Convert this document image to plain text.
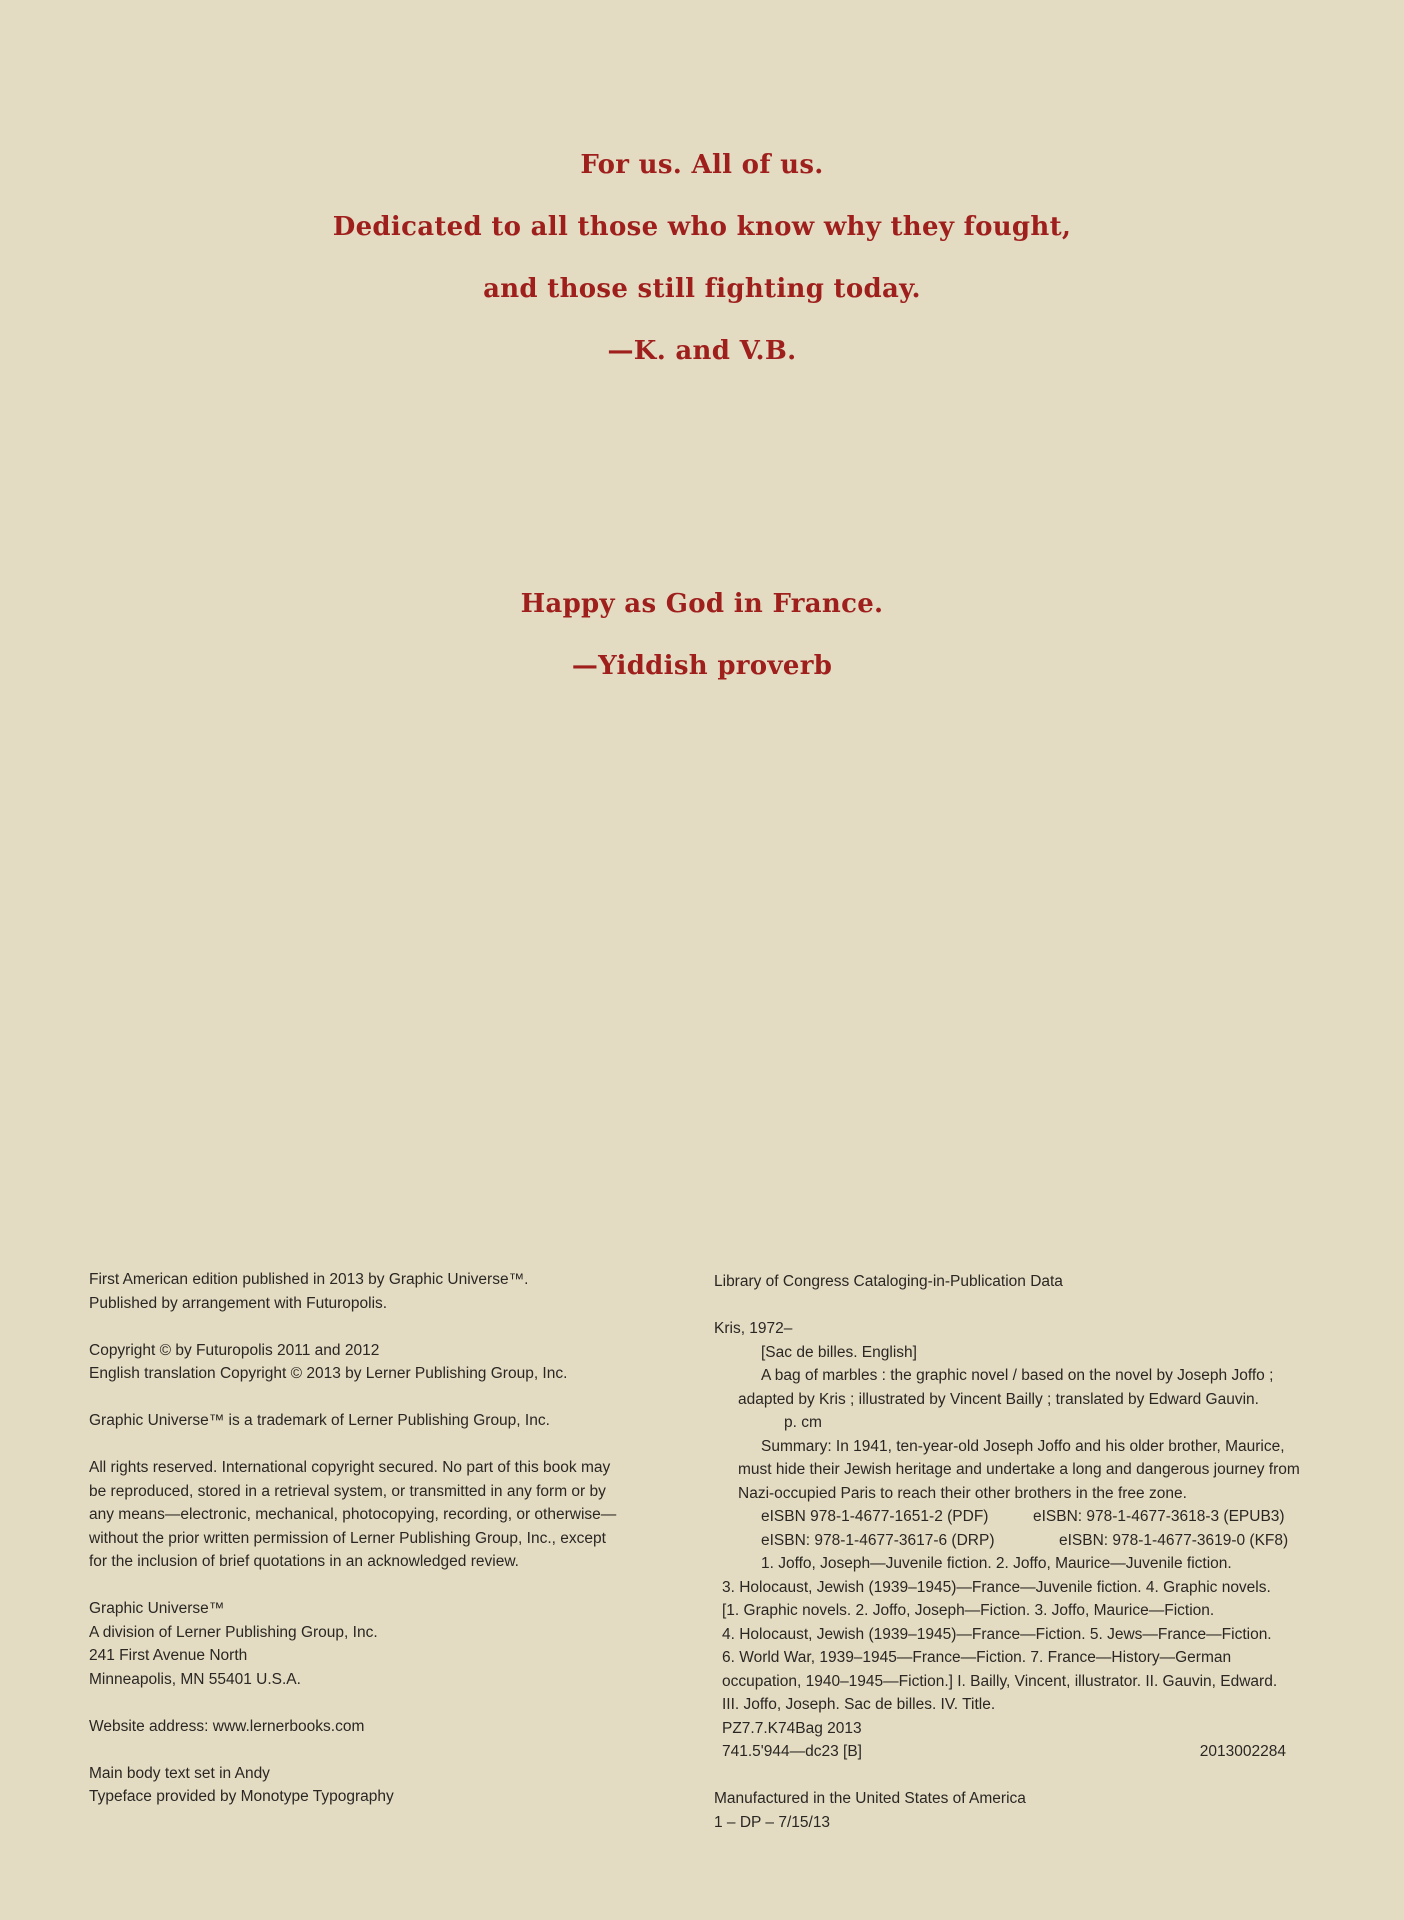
For us. All of us.
Dedicated to all those who know why they fought,
and those still fighting today.
—K. and V.B.
Happy as God in France.
—Yiddish proverb
First American edition published in 2013 by Graphic Universe™.
Published by arrangement with Futuropolis.
Copyright © by Futuropolis 2011 and 2012
English translation Copyright © 2013 by Lerner Publishing Group, Inc.
Graphic Universe™ is a trademark of Lerner Publishing Group, Inc.
All rights reserved. International copyright secured. No part of this book may
be reproduced, stored in a retrieval system, or transmitted in any form or by
any means—electronic, mechanical, photocopying, recording, or otherwise—
without the prior written permission of Lerner Publishing Group, Inc., except
for the inclusion of brief quotations in an acknowledged review.
Graphic Universe™
A division of Lerner Publishing Group, Inc.
241 First Avenue North
Minneapolis, MN 55401 U.S.A.
Website address: www.lernerbooks.com
Main body text set in Andy
Typeface provided by Monotype Typography
Library of Congress Cataloging-in-Publication Data
Kris, 1972–
[Sac de billes. English]
A bag of marbles : the graphic novel / based on the novel by Joseph Joffo ;
adapted by Kris ; illustrated by Vincent Bailly ; translated by Edward Gauvin.
p. cm
Summary: In 1941, ten-year-old Joseph Joffo and his older brother, Maurice,
must hide their Jewish heritage and undertake a long and dangerous journey from
Nazi-occupied Paris to reach their other brothers in the free zone.
eISBN 978-1-4677-1651-2 (PDF)	eISBN: 978-1-4677-3618-3 (EPUB3)
eISBN: 978-1-4677-3617-6 (DRP)	eISBN: 978-1-4677-3619-0 (KF8)
1. Joffo, Joseph—Juvenile fiction. 2. Joffo, Maurice—Juvenile fiction.
3. Holocaust, Jewish (1939–1945)—France—Juvenile fiction. 4. Graphic novels.
[1. Graphic novels. 2. Joffo, Joseph—Fiction. 3. Joffo, Maurice—Fiction.
4. Holocaust, Jewish (1939–1945)—France—Fiction. 5. Jews—France—Fiction.
6. World War, 1939–1945—France—Fiction. 7. France—History—German
occupation, 1940–1945—Fiction.] I. Bailly, Vincent, illustrator. II. Gauvin, Edward.
III. Joffo, Joseph. Sac de billes. IV. Title.
PZ7.7.K74Bag 2013
741.5'944—dc23 [B]	2013002284
Manufactured in the United States of America
1 – DP – 7/15/13
